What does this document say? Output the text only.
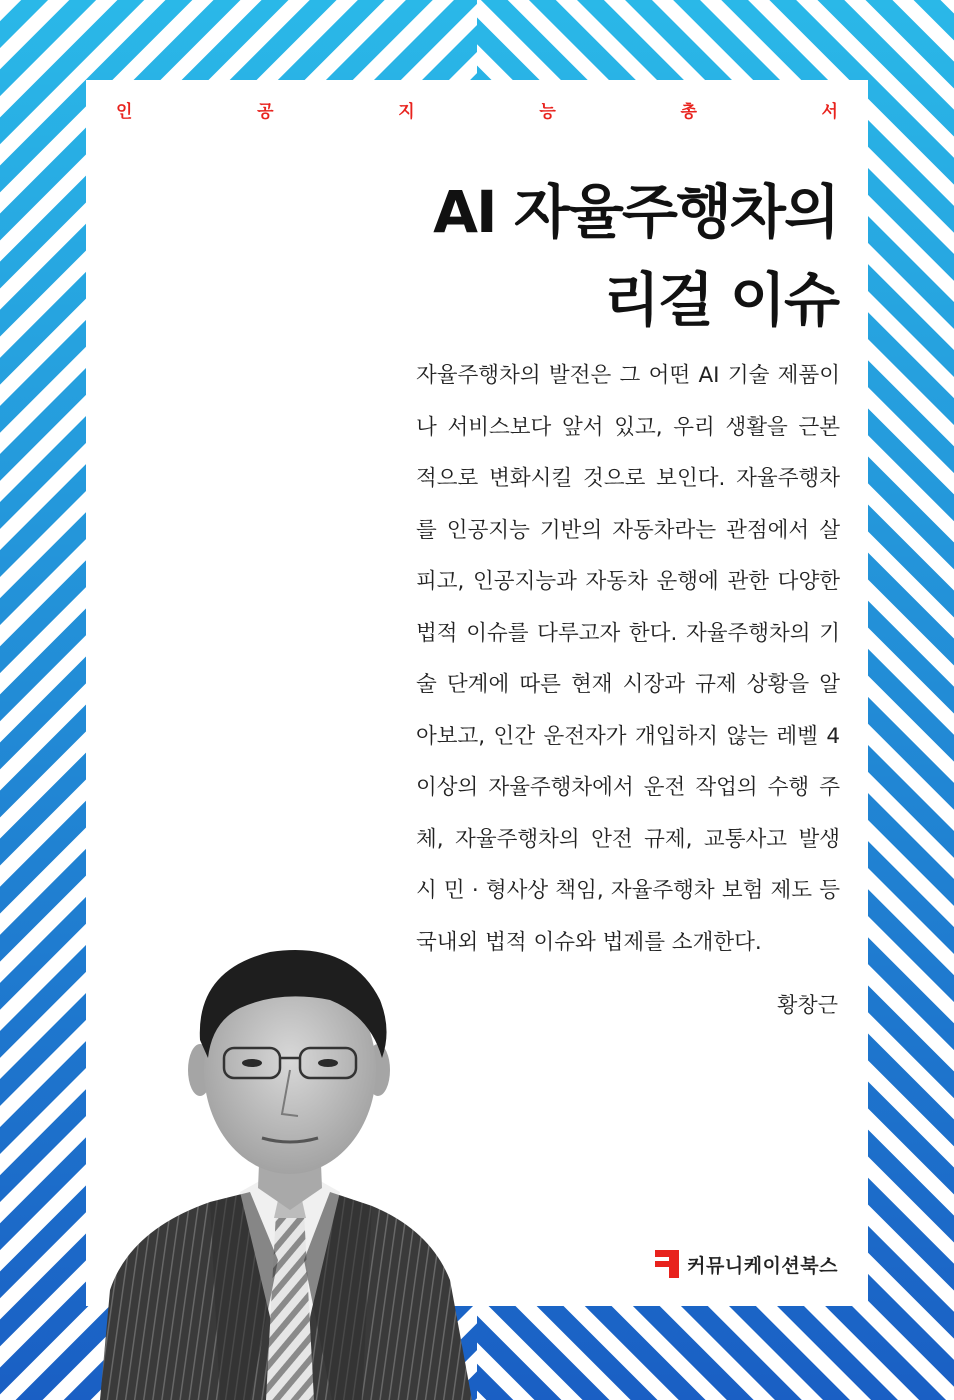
인	공	지	능	총	서
AI 자율주행차의
리걸 이슈
자율주행차의 발전은 그 어떤 AI 기술 제품이
나 서비스보다 앞서 있고, 우리 생활을 근본
적으로 변화시킬 것으로 보인다. 자율주행차
를 인공지능 기반의 자동차라는 관점에서 살
피고, 인공지능과 자동차 운행에 관한 다양한
법적 이슈를 다루고자 한다. 자율주행차의 기
술 단계에 따른 현재 시장과 규제 상황을 알
아보고, 인간 운전자가 개입하지 않는 레벨 4
이상의 자율주행차에서 운전 작업의 수행 주
체, 자율주행차의 안전 규제, 교통사고 발생
시 민 · 형사상 책임, 자율주행차 보험 제도 등
국내외 법적 이슈와 법제를 소개한다.
황창근
커뮤니케이션북스
